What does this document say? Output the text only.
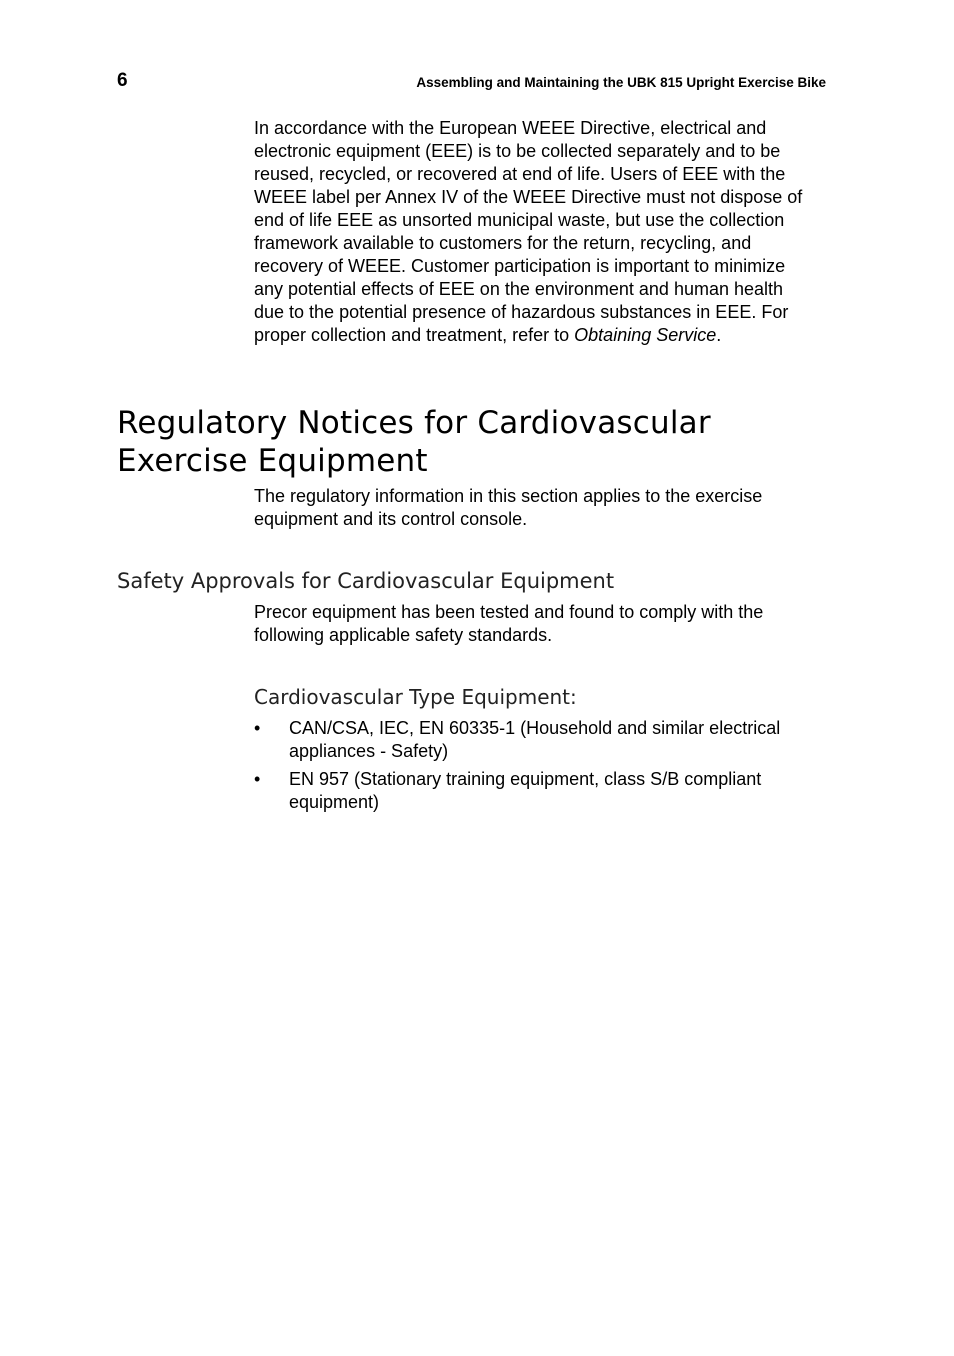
6	Assembling and Maintaining the UBK 815 Upright Exercise Bike

In accordance with the European WEEE Directive, electrical and electronic equipment (EEE) is to be collected separately and to be reused, recycled, or recovered at end of life. Users of EEE with the WEEE label per Annex IV of the WEEE Directive must not dispose of end of life EEE as unsorted municipal waste, but use the collection framework available to customers for the return, recycling, and recovery of WEEE. Customer participation is important to minimize any potential effects of EEE on the environment and human health due to the potential presence of hazardous substances in EEE. For proper collection and treatment, refer to Obtaining Service.

Regulatory Notices for Cardiovascular Exercise Equipment

The regulatory information in this section applies to the exercise equipment and its control console.

Safety Approvals for Cardiovascular Equipment

Precor equipment has been tested and found to comply with the following applicable safety standards.

Cardiovascular Type Equipment:
•	CAN/CSA, IEC, EN 60335-1 (Household and similar electrical appliances - Safety)
•	EN 957 (Stationary training equipment, class S/B compliant equipment)
